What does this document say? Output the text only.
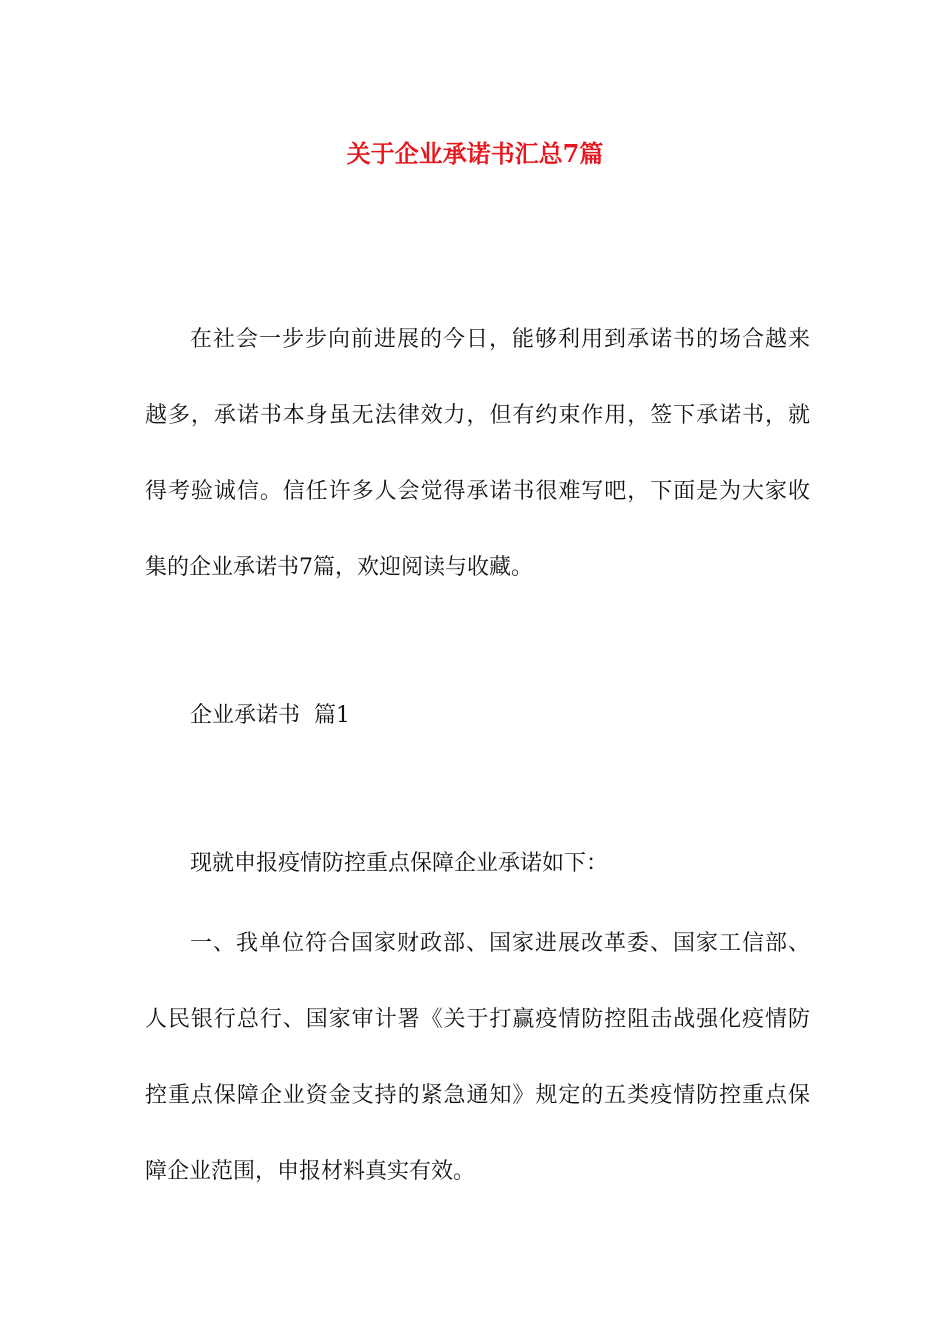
关于企业承诺书汇总7篇
在社会一步步向前进展的今日，能够利用到承诺书的场合越来
越多，承诺书本身虽无法律效力，但有约束作用，签下承诺书，就
得考验诚信。信任许多人会觉得承诺书很难写吧，下面是为大家收
集的企业承诺书7篇，欢迎阅读与收藏。
企业承诺书  篇1
现就申报疫情防控重点保障企业承诺如下：
一、我单位符合国家财政部、国家进展改革委、国家工信部、
人民银行总行、国家审计署《关于打赢疫情防控阻击战强化疫情防
控重点保障企业资金支持的紧急通知》规定的五类疫情防控重点保
障企业范围，申报材料真实有效。
